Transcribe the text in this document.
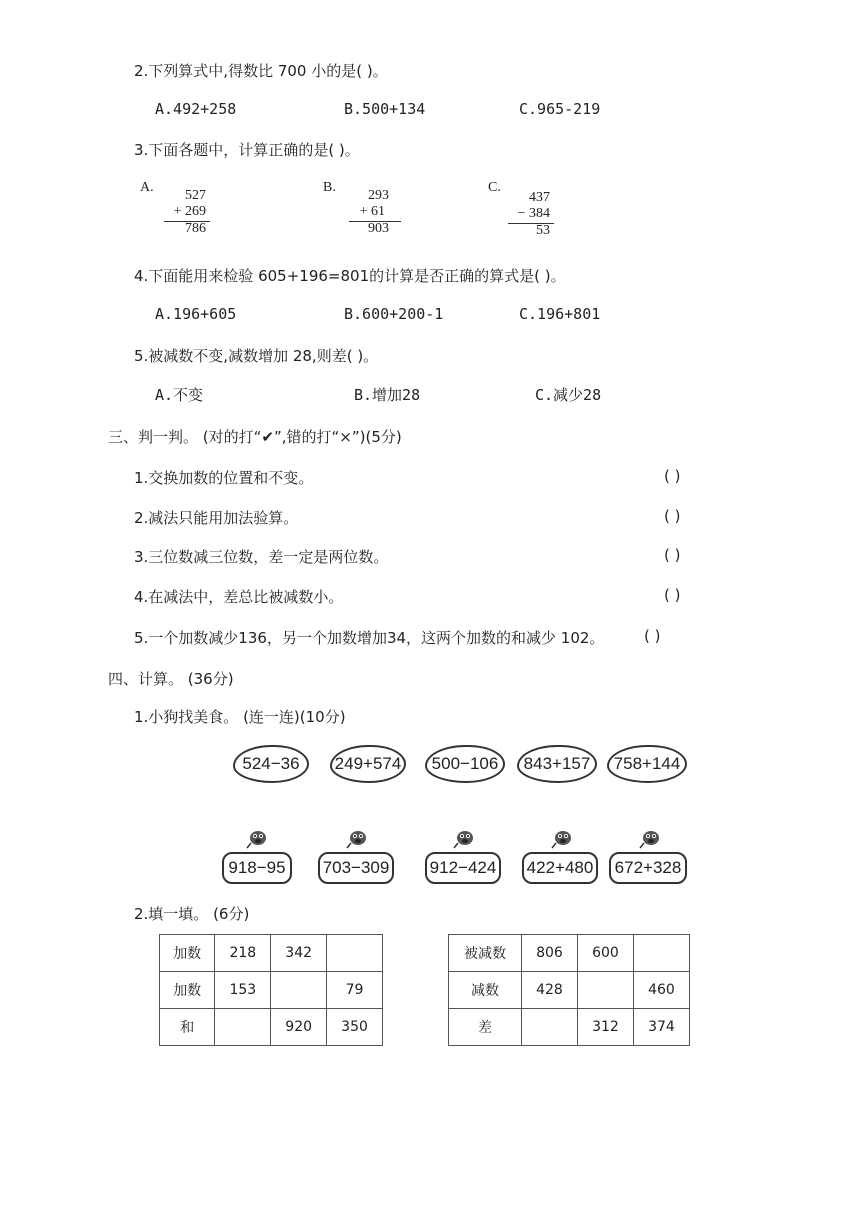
2.下列算式中,得数比 700 小的是( )。
A.492+258	B.500+134	C.965-219
3.下面各题中，计算正确的是( )。
A.
527
+ 269
786
B.
293
+ 61
903
C.
437
− 384
53
4.下面能用来检验 605+196=801的计算是否正确的算式是( )。
A.196+605	B.600+200-1	C.196+801
5.被减数不变,减数增加 28,则差( )。
A.不变	B.增加28	C.减少28
三、判一判。 (对的打“✔”,错的打“×”)(5分)
1.交换加数的位置和不变。	( )
2.减法只能用加法验算。	( )
3.三位数减三位数，差一定是两位数。	( )
4.在减法中，差总比被减数小。	( )
5.一个加数减少136，另一个加数增加34，这两个加数的和减少 102。	( )
四、计算。 (36分)
1.小狗找美食。 (连一连)(10分)
524−36	249+574	500−106	843+157	758+144
918−95	703−309 912−424 422+480	672+328
2.填一填。 (6分)
加数	218	342	
加数	153		79
和		920	350
被减数	806	600	
减数	428		460
差		312	374
